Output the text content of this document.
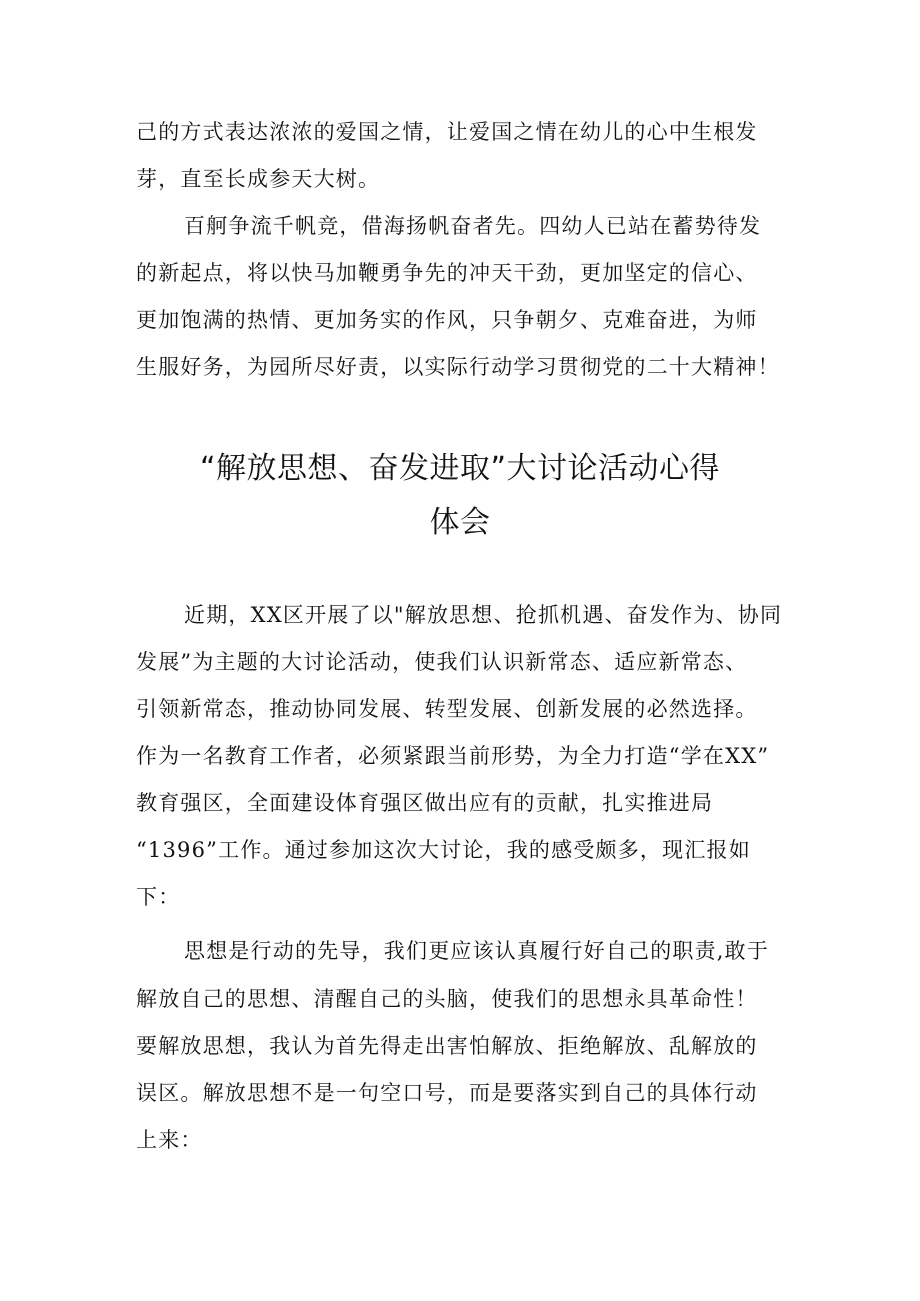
己的方式表达浓浓的爱国之情，让爱国之情在幼儿的心中生根发
芽，直至长成参天大树。
百舸争流千帆竞，借海扬帆奋者先。四幼人已站在蓄势待发
的新起点，将以快马加鞭勇争先的冲天干劲，更加坚定的信心、
更加饱满的热情、更加务实的作风，只争朝夕、克难奋进，为师
生服好务，为园所尽好责，以实际行动学习贯彻党的二十大精神！
“解放思想、奋发进取”大讨论活动心得
体会
近期，XX区开展了以"解放思想、抢抓机遇、奋发作为、协同
发展”为主题的大讨论活动，使我们认识新常态、适应新常态、
引领新常态，推动协同发展、转型发展、创新发展的必然选择。
作为一名教育工作者，必须紧跟当前形势，为全力打造“学在XX”
教育强区，全面建设体育强区做出应有的贡献，扎实推进局
“1396”工作。通过参加这次大讨论，我的感受颇多，现汇报如
下：
思想是行动的先导，我们更应该认真履行好自己的职责,敢于
解放自己的思想、清醒自己的头脑，使我们的思想永具革命性！
要解放思想，我认为首先得走出害怕解放、拒绝解放、乱解放的
误区。解放思想不是一句空口号，而是要落实到自己的具体行动
上来：
